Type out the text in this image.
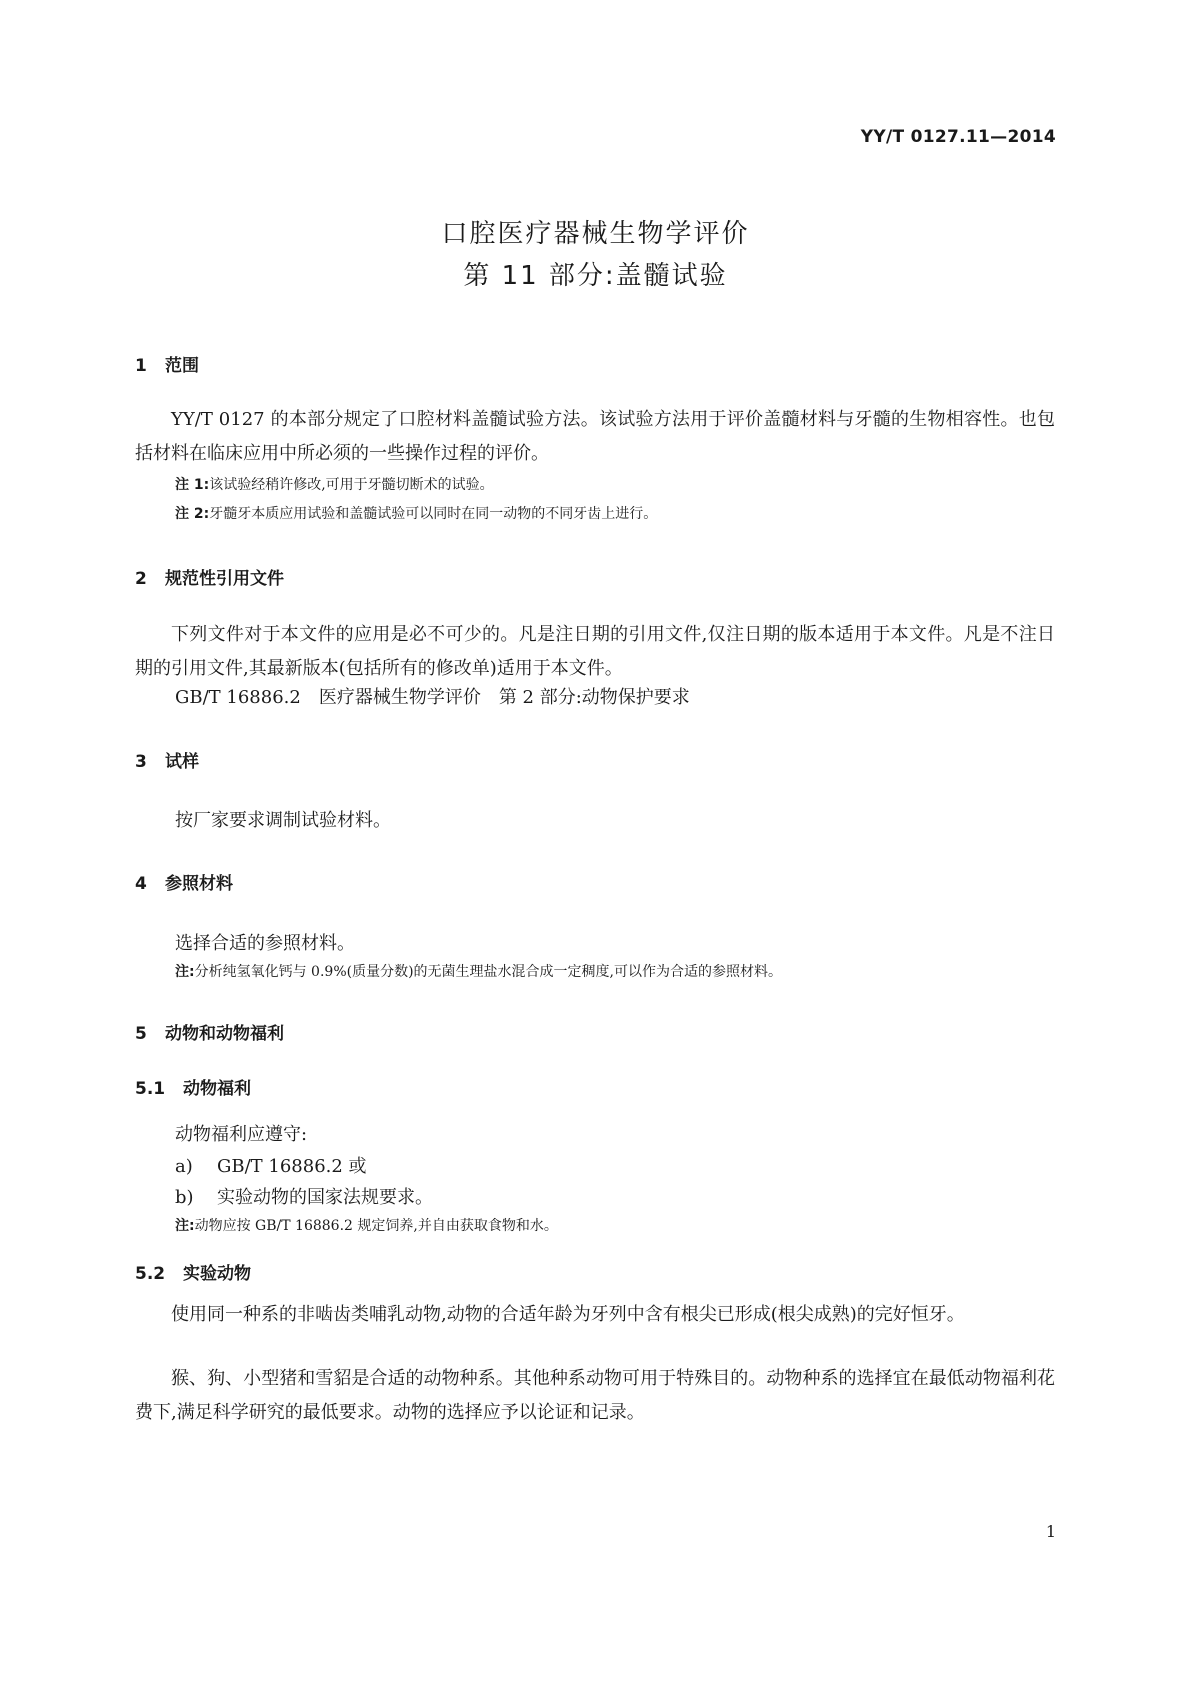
YY/T 0127.11—2014
口腔医疗器械生物学评价
第 11 部分:盖髓试验
1 范围
YY/T 0127 的本部分规定了口腔材料盖髓试验方法。该试验方法用于评价盖髓材料与牙髓的生物相容性。也包括材料在临床应用中所必须的一些操作过程的评价。
注 1:该试验经稍许修改,可用于牙髓切断术的试验。
注 2:牙髓牙本质应用试验和盖髓试验可以同时在同一动物的不同牙齿上进行。
2 规范性引用文件
下列文件对于本文件的应用是必不可少的。凡是注日期的引用文件,仅注日期的版本适用于本文件。凡是不注日期的引用文件,其最新版本(包括所有的修改单)适用于本文件。
GB/T 16886.2　医疗器械生物学评价　第 2 部分:动物保护要求
3 试样
按厂家要求调制试验材料。
4 参照材料
选择合适的参照材料。
注:分析纯氢氧化钙与 0.9%(质量分数)的无菌生理盐水混合成一定稠度,可以作为合适的参照材料。
5 动物和动物福利
5.1 动物福利
动物福利应遵守:
a) GB/T 16886.2 或
b) 实验动物的国家法规要求。
注:动物应按 GB/T 16886.2 规定饲养,并自由获取食物和水。
5.2 实验动物
使用同一种系的非啮齿类哺乳动物,动物的合适年龄为牙列中含有根尖已形成(根尖成熟)的完好恒牙。
猴、狗、小型猪和雪貂是合适的动物种系。其他种系动物可用于特殊目的。动物种系的选择宜在最低动物福利花费下,满足科学研究的最低要求。动物的选择应予以论证和记录。
1
